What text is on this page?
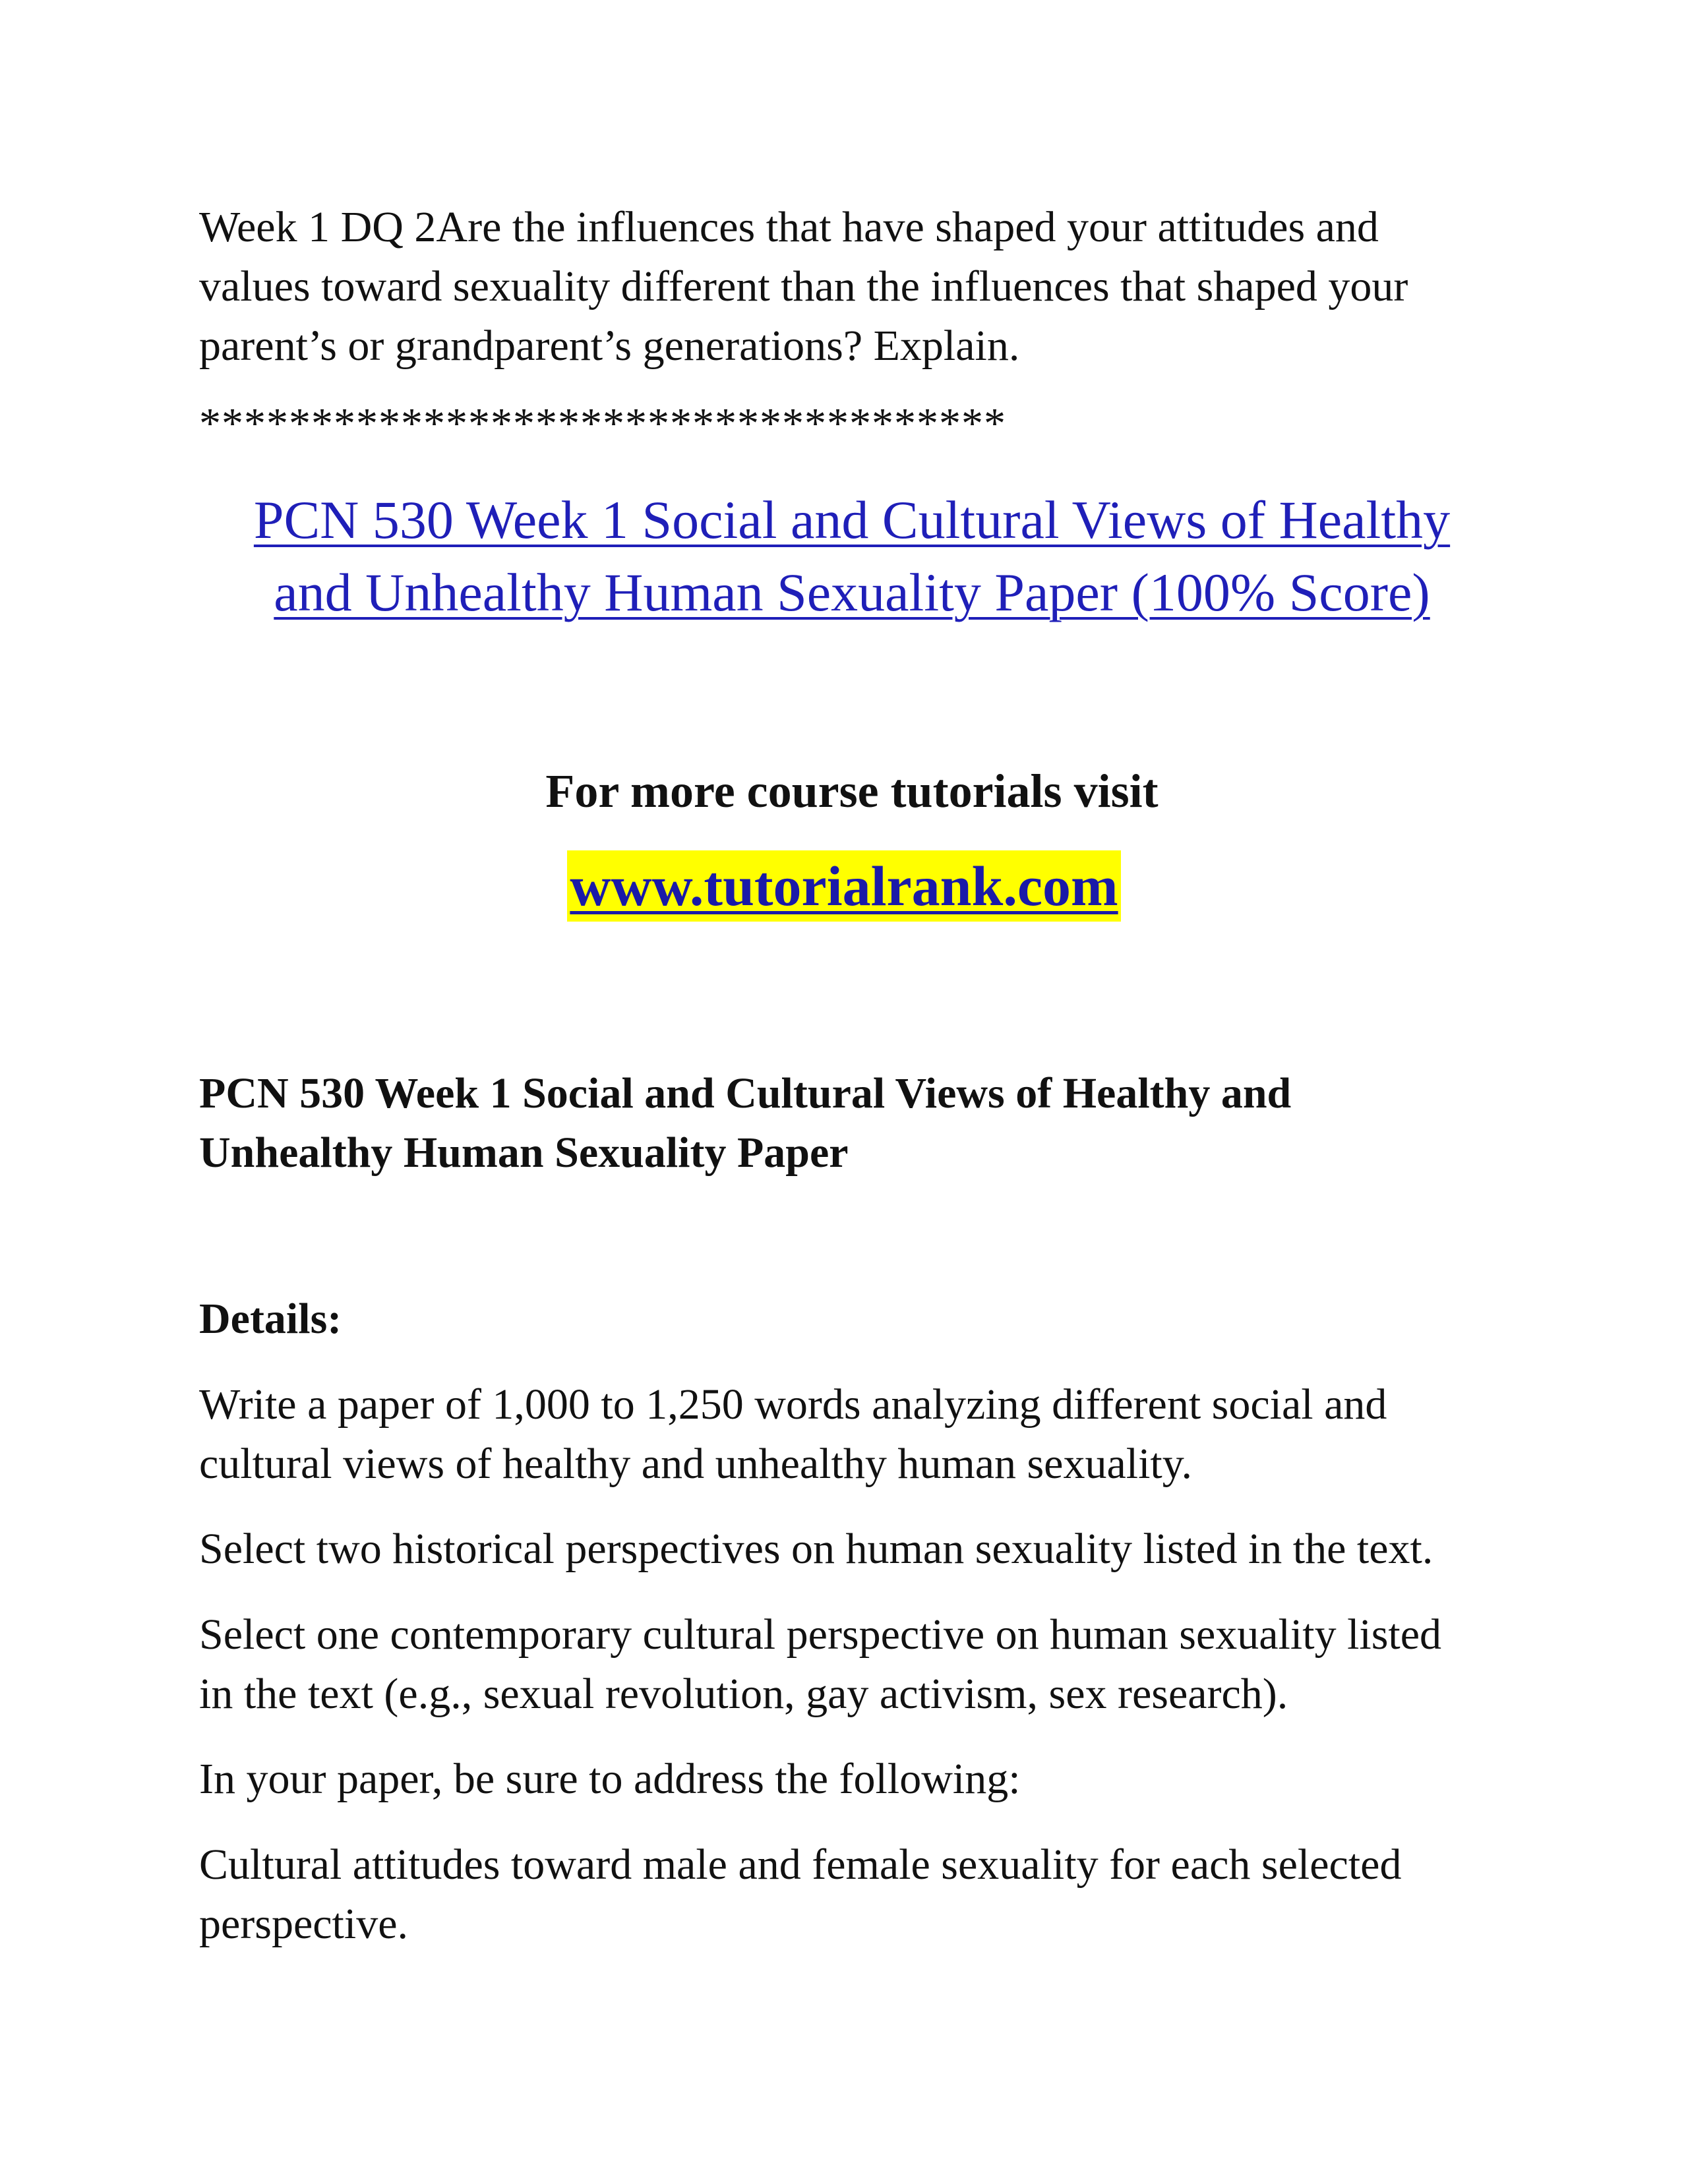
Week 1 DQ 2Are the influences that have shaped your attitudes and
values toward sexuality different than the influences that shaped your
parent’s or grandparent’s generations? Explain.
************************************
PCN 530 Week 1 Social and Cultural Views of Healthy
and Unhealthy Human Sexuality Paper (100% Score)
For more course tutorials visit
www.tutorialrank.com
PCN 530 Week 1 Social and Cultural Views of Healthy and
Unhealthy Human Sexuality Paper
Details:
Write a paper of 1,000 to 1,250 words analyzing different social and
cultural views of healthy and unhealthy human sexuality.
Select two historical perspectives on human sexuality listed in the text.
Select one contemporary cultural perspective on human sexuality listed
in the text (e.g., sexual revolution, gay activism, sex research).
In your paper, be sure to address the following:
Cultural attitudes toward male and female sexuality for each selected
perspective.
